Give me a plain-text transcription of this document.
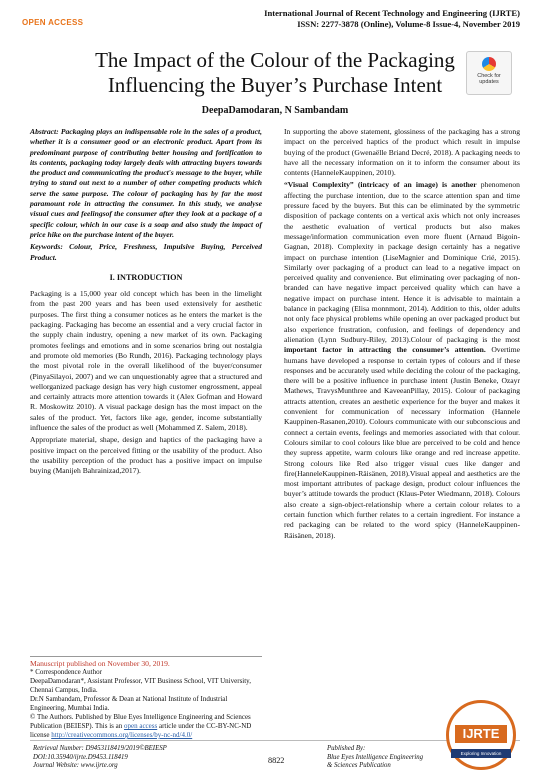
OPEN ACCESS
International Journal of Recent Technology and Engineering (IJRTE)
ISSN: 2277-3878 (Online), Volume-8 Issue-4, November 2019
The Impact of the Colour of the Packaging
Influencing the Buyer’s Purchase Intent	Check for updates
DeepaDamodaran, N Sambandam

Abstract: Packaging plays an indispensable role in the sales of a product, whether it is a consumer good or an electronic product. Apart from its predominant purpose of contributing better housing and fortification to its contents, packaging today largely deals with attracting buyers towards the product and communicating the product's message to the buyer, while trying to stand out next to a number of other competing products which serve the same purpose. The colour of packaging has by far the most paramount role in attracting the consumer. In this study, we analyse visual cues and feelingsof the consumer after they look at a package of a specific colour, which in our case is a soap and also study the impact of price hike on the purchase intent of the buyer.

Keywords: Colour, Price, Freshness, Impulsive Buying, Perceived Product.

I. INTRODUCTION

Packaging is a 15,000 year old concept which has been in the limelight from the past 200 years and has been used extensively for aesthetic purposes. The first thing a consumer notices as he enters the market is the packaging. Packaging has become an essential and a very crucial factor in the supply chain industry, opening a new market of its own. Packaging promotes feelings and emotions and in some scenarios bring out nostalgia and promote old memories (Bo Rundh, 2016). Packaging technology plays the most pivotal role in the overall likelihood of the buyer/consumer (PinyaSilayoi, 2007) and we can unquestionably agree that a structured and wellorganized package design has very high customer engrossment, appeal and certainly attracts more attention towards it (Alex Gofman and Howard R. Moskowitz 2010). A visual package design has the most impact on the sales of the product. Yet, factors like age, gender, income substantially influence the sales of the product as well (Mohammed Z. Salem, 2018).

Appropriate material, shape, design and haptics of the packaging have a positive impact on the perceived fitting or the usability of the product. Also the usability perception of the product has a positive impact on impulse buying (Manijeh Bahrainizad,2017).

Manuscript published on November 30, 2019.
* Correspondence Author
DeepaDamodaran*, Assistant Professor, VIT Business School, VIT University, Chennai Campus, India.
Dr.N Sambandam, Professor & Dean at National Institute of Industrial Engineering, Mumbai India.
© The Authors. Published by Blue Eyes Intelligence Engineering and Sciences Publication (BEIESP). This is an open access article under the CC-BY-NC-ND license http://creativecommons.org/licenses/by-nc-nd/4.0/

In supporting the above statement, glossiness of the packaging has a strong impact on the perceived haptics of the product which result in impulse buying of the product (Gwenaëlle Briand Decré, 2018). A packaging needs to have all the necessary information on it to inform the consumer about its contents (HanneleKauppinen, 2010).

“Visual Complexity” (intricacy of an image) is another phenomenon affecting the purchase intention, due to the scarce attention span and time pressure faced by the buyers. But this can be eliminated by the symmetric disposition of package contents on a vertical axis which not only increases the aesthetic evaluation of vertical products but also makes message/information communication even more fluent (Arnaud Bigoin-Gagnan, 2018). Complexity in package design certainly has a negative impact on purchase intention (LiseMagnier and Dominique Crié, 2015). Similarly over packaging of a product can lead to a negative impact on perceived quality and convenience. But eliminating over packaging of non-branded can have negative impact perceived quality which can have a negative impact on purchase intent. Hence it is advisable to maintain a balance in packaging (Elisa monnmont, 2014). Addition to this, older adults not only face physical problems while opening an over packaged product but also experience frustration, confusion, and feelings of dependency and alienation (Lynn Sudbury-Riley, 2013).Colour of packaging is the most important factor in attracting the consumer’s attention. Overtime humans have developed a response to certain types of colours and if these responses and be accurately used while deciding the colour of the packaging, there will be a positive influence in purchase intent (Justin Beneke, Ozayr Mathews, TravysMunthree and KaveeanPillay, 2015). Colour of packaging attracts attention, creates an aesthetic experience for the buyer and makes it convenient for communication of necessary information (Hannele Kauppinen-Rasanen,2010). Colours communicate with our subconscious and connect a certain events, feelings and memories associated with that colour. Colours similar to cool colours like blue are perceived to be cold and hence they supress appetite, warm colours like orange and red increase appetite. Strong colours like Red also trigger visual cues like danger and fire(HanneleKauppinen-Räisänen, 2018).Visual appeal and aesthetics are the most important attributes of package design, product colour influences the buyer’s attitude towards the product (Klaus-Peter Wiedmann, 2018). Colours also create a sign-object-relationship where a certain colour relates to a certain function which further relates to a certain ingredient. For instance a red packaging can be related to the word spicy (HanneleKauppinen-Räisänen, 2018).

Retrieval Number: D9453118419/2019©BEIESP
DOI:10.35940/ijrte.D9453.118419
Journal Website: www.ijrte.org
8822
Published By:
Blue Eyes Intelligence Engineering
& Sciences Publication
IJRTE
Exploring Innovation
